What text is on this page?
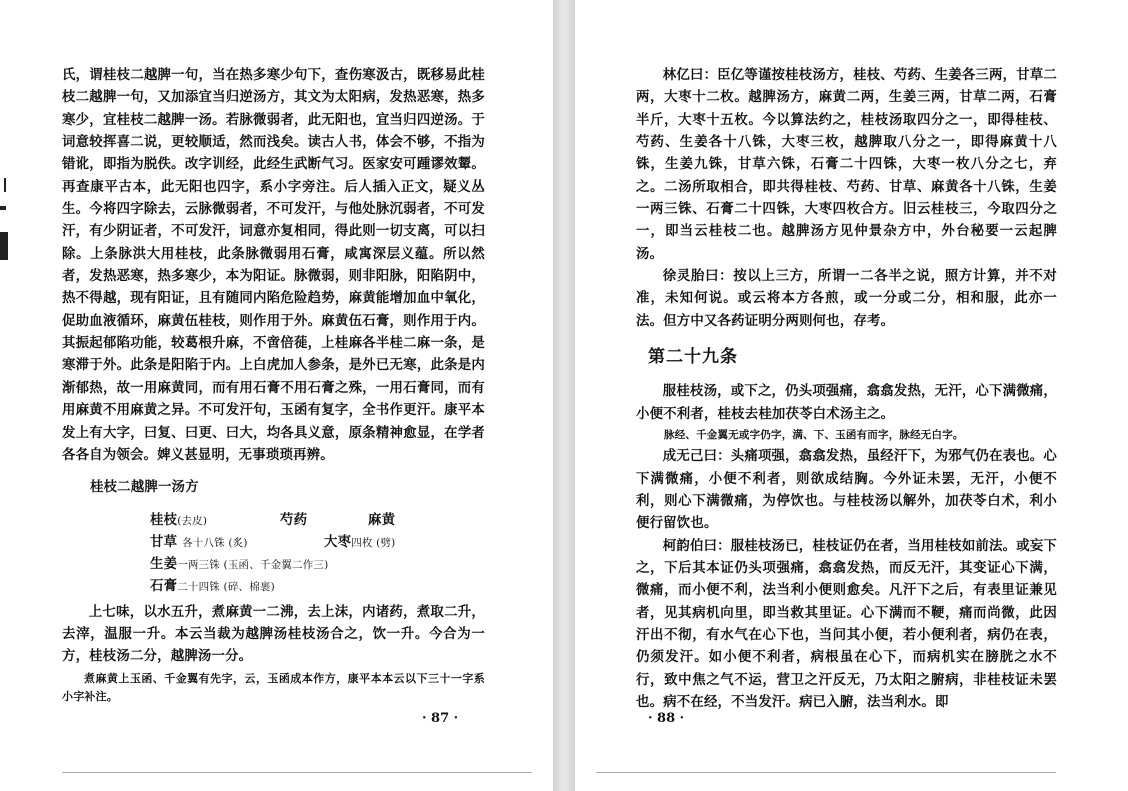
氏，谓桂枝二越脾一句，当在热多寒少句下，查伤寒汲古，既移易此桂枝二越脾一句，又加添宜当归逆汤方，其文为太阳病，发热恶寒，热多寒少，宜桂枝二越脾一汤。若脉微弱者，此无阳也，宜当归四逆汤。于词意较挥喜二说，更较顺适，然而浅矣。读古人书，体会不够，不指为错讹，即指为脱佚。改字训经，此经生武断气习。医家安可踵谬效颦。再查康平古本，此无阳也四字，系小字旁注。后人插入正文，疑义丛生。今将四字除去，云脉微弱者，不可发汗，与他处脉沉弱者，不可发汗，有少阴证者，不可发汗，词意亦复相同，得此则一切支离，可以扫除。上条脉洪大用桂枝，此条脉微弱用石膏，咸寓深层义蕴。所以然者，发热恶寒，热多寒少，本为阳证。脉微弱，则非阳脉，阳陷阴中，热不得越，现有阳证，且有随同内陷危险趋势，麻黄能增加血中氧化，促助血液循环，麻黄伍桂枝，则作用于外。麻黄伍石膏，则作用于内。其振起郁陷功能，较葛根升麻，不啻倍蓰，上桂麻各半桂二麻一条，是寒滞于外。此条是阳陷于内。上白虎加人参条，是外已无寒，此条是内渐郁热，故一用麻黄同，而有用石膏不用石膏之殊，一用石膏同，而有用麻黄不用麻黄之异。不可发汗句，玉函有复字，全书作更汗。康平本发上有大字，曰复、曰更、曰大，均各具义意，原条精神愈显，在学者各各自为领会。婢义甚显明，无事琐琐再辨。

桂枝二越脾一汤方

桂枝(去皮)	芍药	麻黄
甘草 各十八铢 (炙)	大枣四枚 (劈)
生姜一两三铢 (玉函、千金翼二作三)
石膏二十四铢 (碎、棉裹)

上七味，以水五升，煮麻黄一二沸，去上沫，内诸药，煮取二升，去滓，温服一升。本云当裁为越脾汤桂枝汤合之，饮一升。今合为一方，桂枝汤二分，越脾汤一分。

煮麻黄上玉函、千金翼有先字，云，玉函成本作方，康平本本云以下三十一字系小字补注。

· 87 ·

林亿曰：臣亿等谨按桂枝汤方，桂枝、芍药、生姜各三两，甘草二两，大枣十二枚。越脾汤方，麻黄二两，生姜三两，甘草二两，石膏半斤，大枣十五枚。今以算法约之，桂枝汤取四分之一，即得桂枝、芍药、生姜各十八铢，大枣三枚，越脾取八分之一，即得麻黄十八铢，生姜九铢，甘草六铢，石膏二十四铢，大枣一枚八分之七，弃之。二汤所取相合，即共得桂枝、芍药、甘草、麻黄各十八铢，生姜一两三铢、石膏二十四铢，大枣四枚合方。旧云桂枝三，今取四分之一，即当云桂枝二也。越脾汤方见仲景杂方中，外台秘要一云起脾汤。

徐灵胎曰：按以上三方，所谓一二各半之说，照方计算，并不对准，未知何说。或云将本方各煎，或一分或二分，相和服，此亦一法。但方中又各药证明分两则何也，存考。

第二十九条

服桂枝汤，或下之，仍头项强痛，翕翕发热，无汗，心下满微痛，小便不利者，桂枝去桂加茯苓白术汤主之。

脉经、千金翼无或字仍字，满、下、玉函有而字，脉经无白字。

成无己曰：头痛项强，翕翕发热，虽经汗下，为邪气仍在表也。心下满微痛，小便不利者，则欲成结胸。今外证未罢，无汗，小便不利，则心下满微痛，为停饮也。与桂枝汤以解外，加茯苓白术，利小便行留饮也。

柯韵伯曰：服桂枝汤已，桂枝证仍在者，当用桂枝如前法。或妄下之，下后其本证仍头项强痛，翕翕发热，而反无汗，其变证心下满，微痛，而小便不利，法当利小便则愈矣。凡汗下之后，有表里证兼见者，见其病机向里，即当救其里证。心下满而不鞕，痛而尚微，此因汗出不彻，有水气在心下也，当问其小便，若小便利者，病仍在表，仍须发汗。如小便不利者，病根虽在心下，而病机实在膀胱之水不行，致中焦之气不运，营卫之汗反无，乃太阳之腑病，非桂枝证未罢也。病不在经，不当发汗。病已入腑，法当利水。即

· 88 ·
